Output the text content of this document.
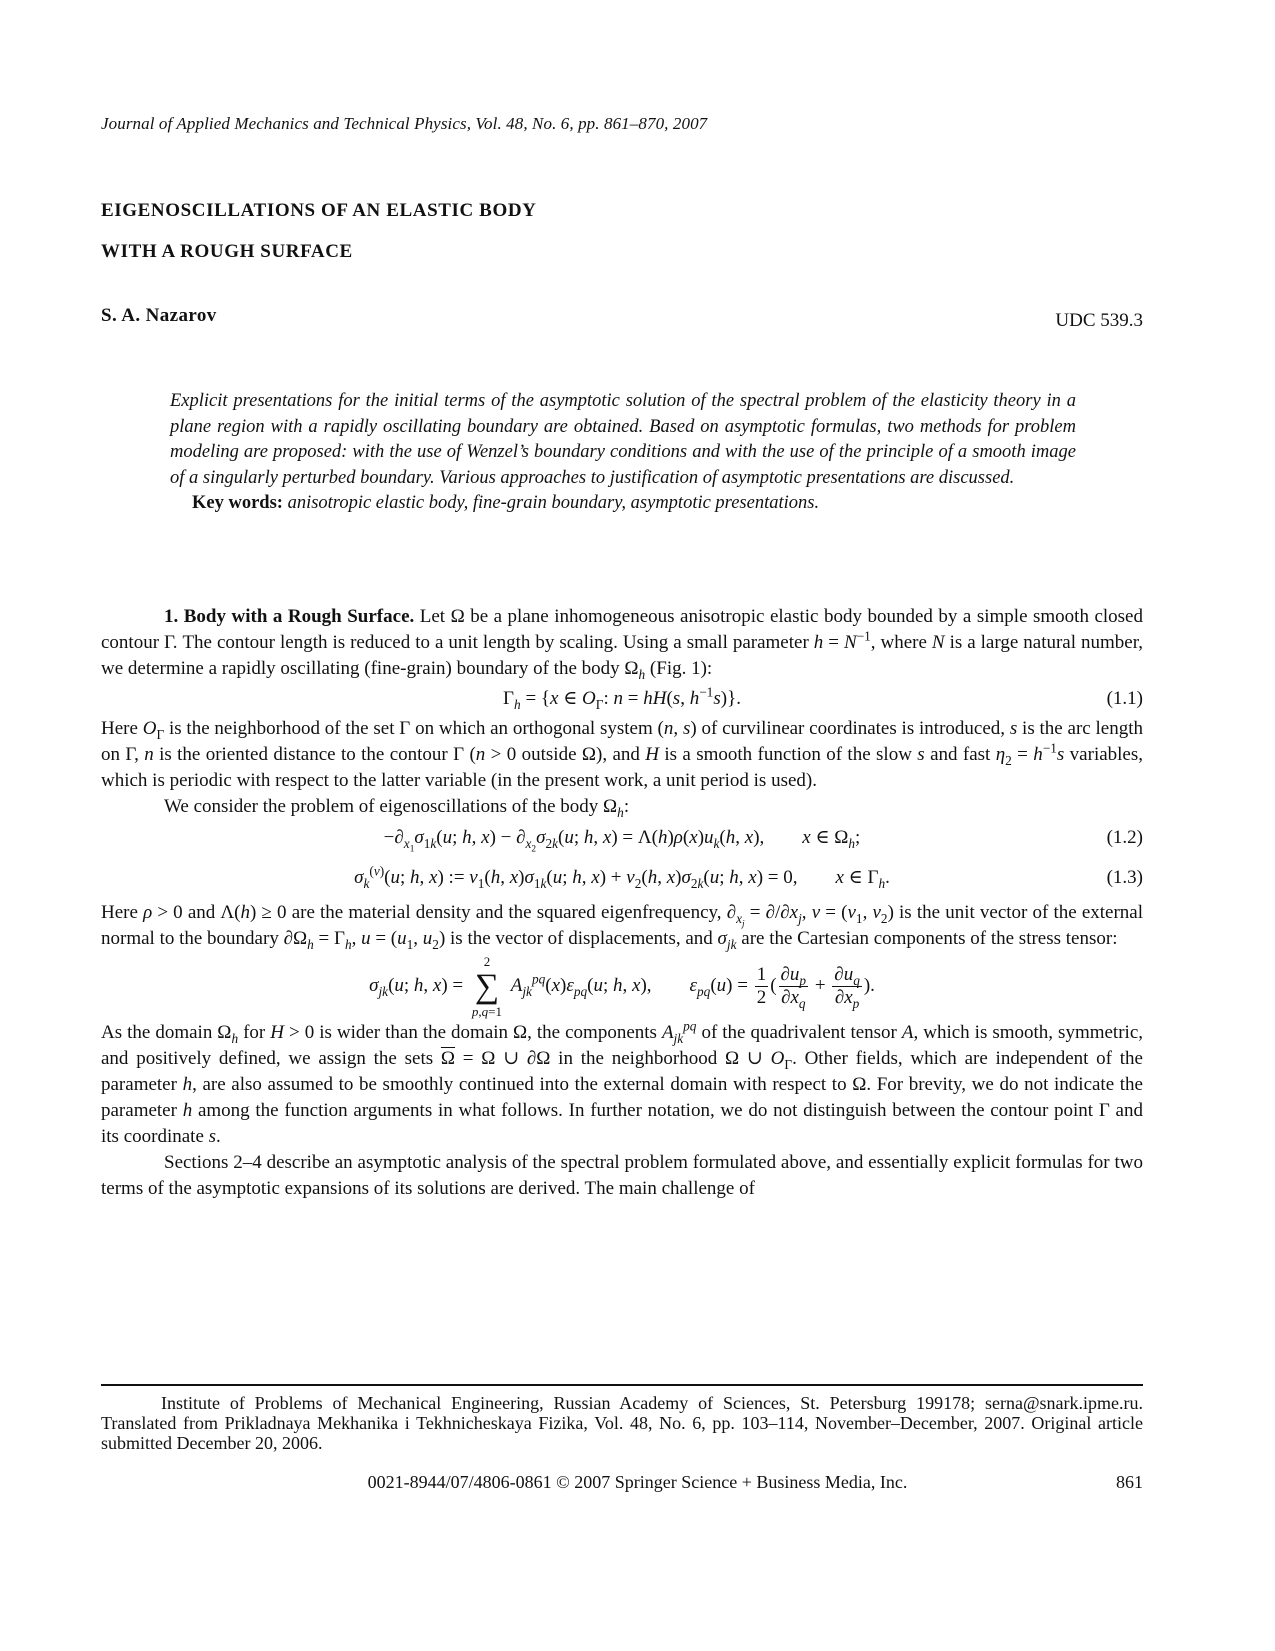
Journal of Applied Mechanics and Technical Physics, Vol. 48, No. 6, pp. 861–870, 2007
EIGENOSCILLATIONS OF AN ELASTIC BODY
WITH A ROUGH SURFACE
S. A. Nazarov	UDC 539.3

Explicit presentations for the initial terms of the asymptotic solution of the spectral problem of the elasticity theory in a plane region with a rapidly oscillating boundary are obtained. Based on asymptotic formulas, two methods for problem modeling are proposed: with the use of Wenzel’s boundary conditions and with the use of the principle of a smooth image of a singularly perturbed boundary. Various approaches to justification of asymptotic presentations are discussed.

Key words: anisotropic elastic body, fine-grain boundary, asymptotic presentations.

1. Body with a Rough Surface. Let Ω be a plane inhomogeneous anisotropic elastic body bounded by a simple smooth closed contour Γ. The contour length is reduced to a unit length by scaling. Using a small parameter $h = N^{-1}$, where N is a large natural number, we determine a rapidly oscillating (fine-grain) boundary of the body $\Omega_h$ (Fig. 1):

$\Gamma_h = \{x$ ∈ $O_\Gamma$: n = hH(s, $h^{-1}s$)}.	(1.1)

Here $O_\Gamma$ is the neighborhood of the set Γ on which an orthogonal system (n, s) of curvilinear coordinates is introduced, s is the arc length on Γ, n is the oriented distance to the contour Γ (n > 0 outside Ω), and H is a smooth function of the slow s and fast $\eta_2 = h^{-1}s$ variables, which is periodic with respect to the latter variable (in the present work, a unit period is used).

We consider the problem of eigenoscillations of the body $\Omega_h$:

$-\partial_{x_1}\sigma_{1k}(u$; h, $x) - \partial_{x_2}\sigma_{2k}(u$; h, $x) = \Lambda(h)\rho(x)u_k(h$, x),        x ∈ $\Omega_h$;	(1.2)
$\sigma_k^{(\nu)}(u$; h, x) := $\nu_1(h$, $x)\sigma_{1k}(u$; h, $x) + \nu_2(h$, $x)\sigma_{2k}(u$; h, x) = 0,        x ∈ $\Gamma_h$.	(1.3)

Here ρ > 0 and Λ(h) ≥ 0 are the material density and the squared eigenfrequency, $\partial_{x_j} = \partial/\partial x_j$, $\nu = (\nu_1$, $\nu_2$) is the unit vector of the external normal to the boundary $\partial\Omega_h = \Gamma_h$, $u = (u_1$, $u_2$) is the vector of displacements, and $\sigma_{jk}$ are the Cartesian components of the stress tensor:

$\sigma_{jk}(u$; h, x) =
2
∑
p,q=1
$A_{jk}^{pq}(x)\varepsilon_{pq}(u$; h, x),        $\varepsilon_{pq}(u) = \frac{1}{2}$ ( $\frac{\partial u_p}{\partial x_q} + \frac{\partial u_q}{\partial x_p}$ ).

As the domain $\Omega_h$ for H > 0 is wider than the domain Ω, the components $A_{jk}^{pq}$ of the quadrivalent tensor A, which is smooth, symmetric, and positively defined, we assign the sets $\overline{\Omega} = \Omega$ ∪ ∂Ω in the neighborhood Ω ∪ $O_\Gamma$. Other fields, which are independent of the parameter h, are also assumed to be smoothly continued into the external domain with respect to Ω. For brevity, we do not indicate the parameter h among the function arguments in what follows. In further notation, we do not distinguish between the contour point Γ and its coordinate s.

Sections 2–4 describe an asymptotic analysis of the spectral problem formulated above, and essentially explicit formulas for two terms of the asymptotic expansions of its solutions are derived. The main challenge of

Institute of Problems of Mechanical Engineering, Russian Academy of Sciences, St. Petersburg 199178; serna@snark.ipme.ru. Translated from Prikladnaya Mekhanika i Tekhnicheskaya Fizika, Vol. 48, No. 6, pp. 103–114, November–December, 2007. Original article submitted December 20, 2006.

0021-8944/07/4806-0861 © 2007 Springer Science + Business Media, Inc.	861
